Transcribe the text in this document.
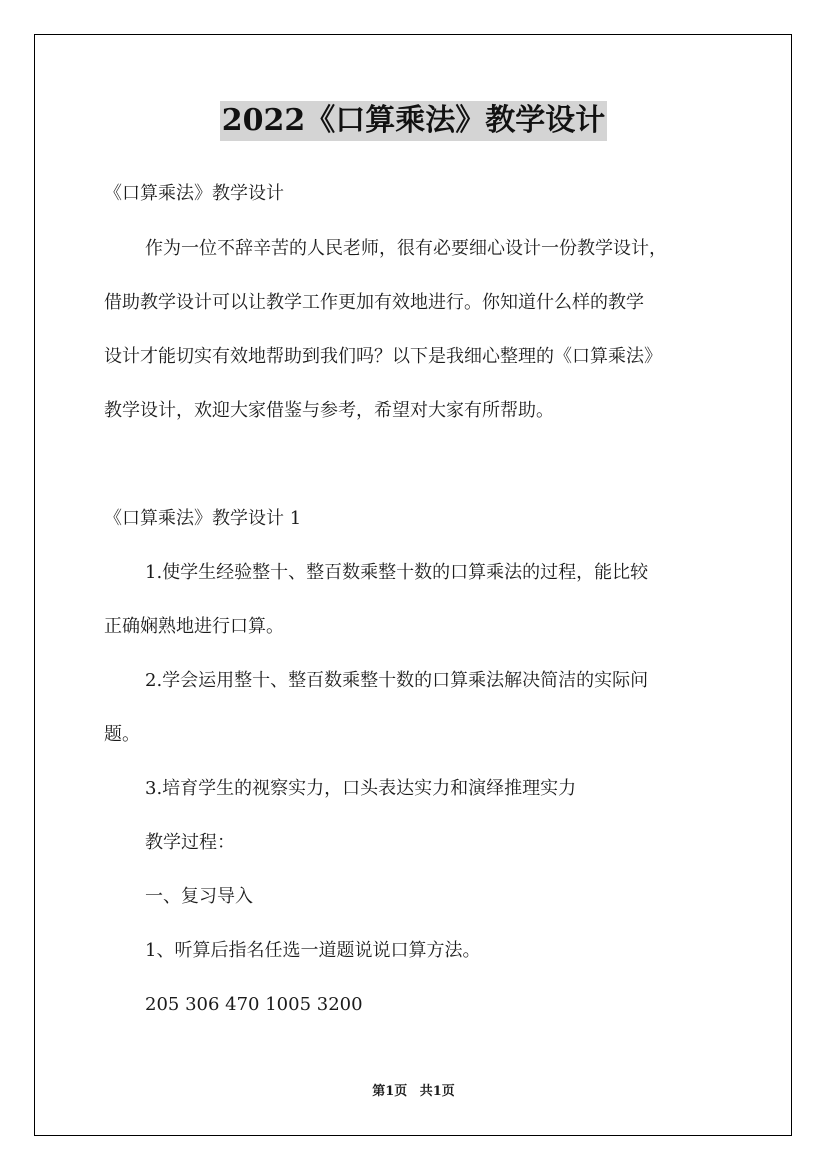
2022《口算乘法》教学设计
《口算乘法》教学设计
作为一位不辞辛苦的人民老师，很有必要细心设计一份教学设计，
借助教学设计可以让教学工作更加有效地进行。你知道什么样的教学
设计才能切实有效地帮助到我们吗？以下是我细心整理的《口算乘法》
教学设计，欢迎大家借鉴与参考，希望对大家有所帮助。
《口算乘法》教学设计 1
1.使学生经验整十、整百数乘整十数的口算乘法的过程，能比较
正确娴熟地进行口算。
2.学会运用整十、整百数乘整十数的口算乘法解决简洁的实际问
题。
3.培育学生的视察实力，口头表达实力和演绎推理实力
教学过程：
一、复习导入
1、听算后指名任选一道题说说口算方法。
205 306 470 1005 3200
第1页 共1页
